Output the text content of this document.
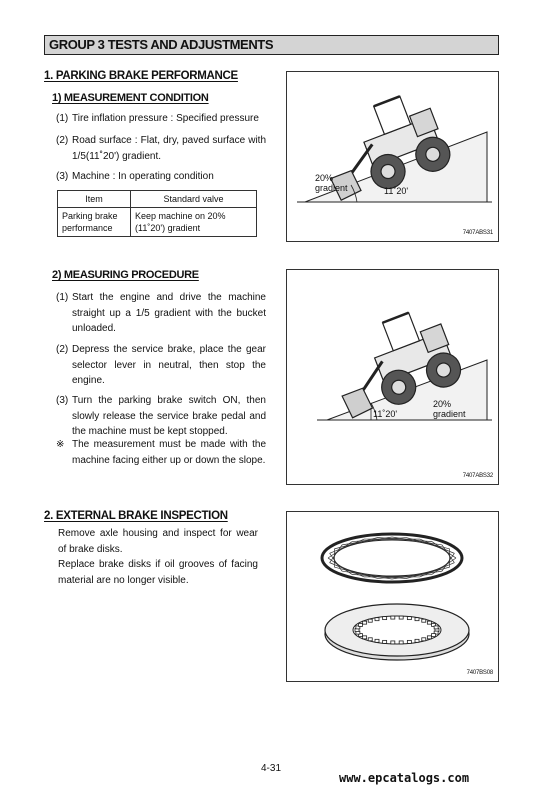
GROUP 3 TESTS AND ADJUSTMENTS
1. PARKING BRAKE PERFORMANCE
1) MEASUREMENT CONDITION
(1) Tire inflation pressure : Specified pressure
(2) Road surface : Flat, dry, paved surface with 1/5(11˚20') gradient.
(3) Machine : In operating condition
Item	Standard valve
Parking brake performance	Keep machine on 20% (11˚20') gradient
20%
gradient	11˚20'
7407ABS31
2) MEASURING PROCEDURE
(1) Start the engine and drive the machine straight up a 1/5 gradient with the bucket unloaded.
(2) Depress the service brake, place the gear selector lever in neutral, then stop the engine.
(3) Turn the parking brake switch ON, then slowly release the service brake pedal and the machine must be kept stopped.
※ The measurement must be made with the machine facing either up or down the slope.
11˚20'
20%
gradient
7407ABS32
2. EXTERNAL BRAKE INSPECTION
Remove axle housing and inspect for wear of brake disks.
Replace brake disks if oil grooves of facing material are no longer visible.
7407BS08
4-31
www.epcatalogs.com
